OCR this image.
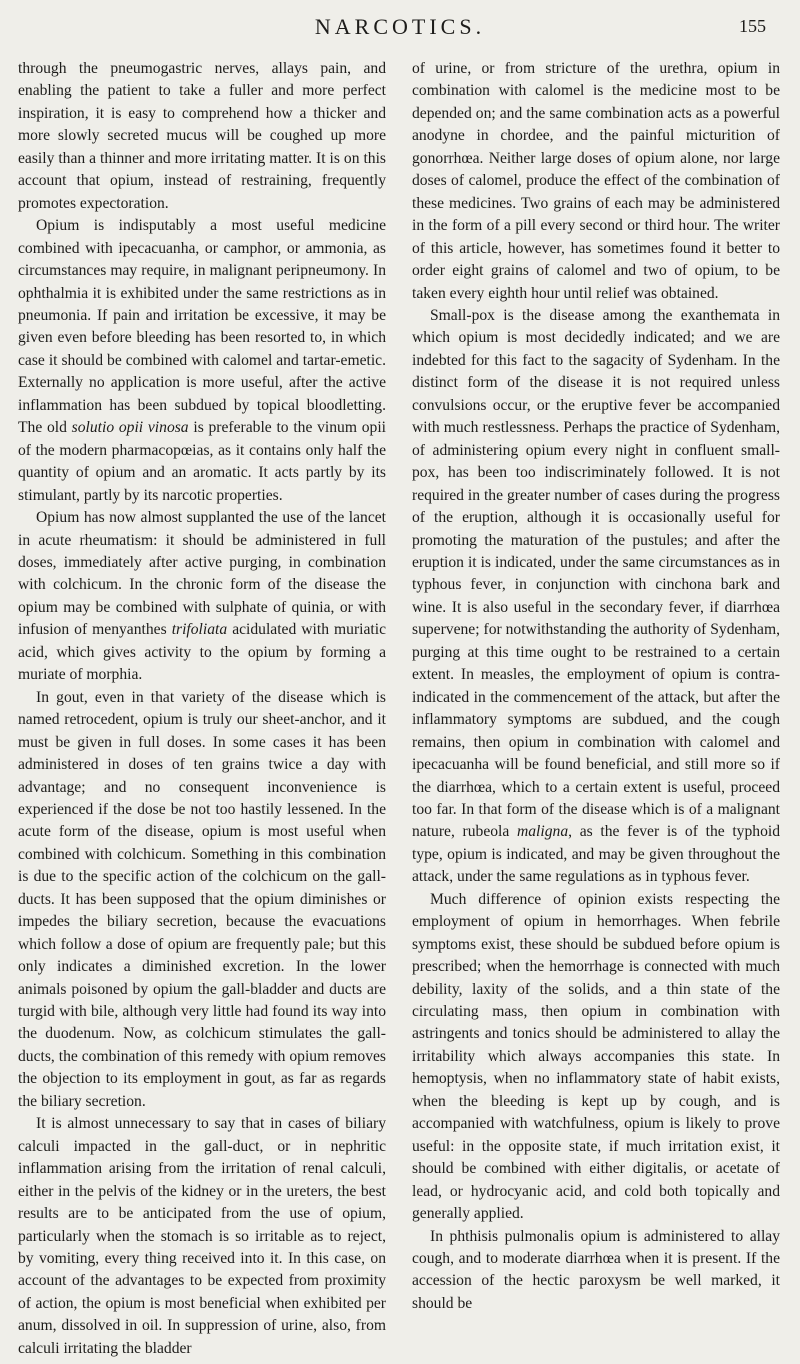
NARCOTICS.	155

through the pneumogastric nerves, allays pain, and enabling the patient to take a fuller and more perfect inspiration, it is easy to comprehend how a thicker and more slowly secreted mucus will be coughed up more easily than a thinner and more irritating matter. It is on this account that opium, instead of restraining, frequently promotes expectoration.

Opium is indisputably a most useful medicine combined with ipecacuanha, or camphor, or ammonia, as circumstances may require, in malignant peripneumony. In ophthalmia it is exhibited under the same restrictions as in pneumonia. If pain and irritation be excessive, it may be given even before bleeding has been resorted to, in which case it should be combined with calomel and tartar-emetic. Externally no application is more useful, after the active inflammation has been subdued by topical bloodletting. The old solutio opii vinosa is preferable to the vinum opii of the modern pharmacopœias, as it contains only half the quantity of opium and an aromatic. It acts partly by its stimulant, partly by its narcotic properties.

Opium has now almost supplanted the use of the lancet in acute rheumatism: it should be administered in full doses, immediately after active purging, in combination with colchicum. In the chronic form of the disease the opium may be combined with sulphate of quinia, or with infusion of menyanthes trifoliata acidulated with muriatic acid, which gives activity to the opium by forming a muriate of morphia.

In gout, even in that variety of the disease which is named retrocedent, opium is truly our sheet-anchor, and it must be given in full doses. In some cases it has been administered in doses of ten grains twice a day with advantage; and no consequent inconvenience is experienced if the dose be not too hastily lessened. In the acute form of the disease, opium is most useful when combined with colchicum. Something in this combination is due to the specific action of the colchicum on the gall-ducts. It has been supposed that the opium diminishes or impedes the biliary secretion, because the evacuations which follow a dose of opium are frequently pale; but this only indicates a diminished excretion. In the lower animals poisoned by opium the gall-bladder and ducts are turgid with bile, although very little had found its way into the duodenum. Now, as colchicum stimulates the gall-ducts, the combination of this remedy with opium removes the objection to its employment in gout, as far as regards the biliary secretion.

It is almost unnecessary to say that in cases of biliary calculi impacted in the gall-duct, or in nephritic inflammation arising from the irritation of renal calculi, either in the pelvis of the kidney or in the ureters, the best results are to be anticipated from the use of opium, particularly when the stomach is so irritable as to reject, by vomiting, every thing received into it. In this case, on account of the advantages to be expected from proximity of action, the opium is most beneficial when exhibited per anum, dissolved in oil. In suppression of urine, also, from calculi irritating the bladder

of urine, or from stricture of the urethra, opium in combination with calomel is the medicine most to be depended on; and the same combination acts as a powerful anodyne in chordee, and the painful micturition of gonorrhœa. Neither large doses of opium alone, nor large doses of calomel, produce the effect of the combination of these medicines. Two grains of each may be administered in the form of a pill every second or third hour. The writer of this article, however, has sometimes found it better to order eight grains of calomel and two of opium, to be taken every eighth hour until relief was obtained.

Small-pox is the disease among the exanthemata in which opium is most decidedly indicated; and we are indebted for this fact to the sagacity of Sydenham. In the distinct form of the disease it is not required unless convulsions occur, or the eruptive fever be accompanied with much restlessness. Perhaps the practice of Sydenham, of administering opium every night in confluent small-pox, has been too indiscriminately followed. It is not required in the greater number of cases during the progress of the eruption, although it is occasionally useful for promoting the maturation of the pustules; and after the eruption it is indicated, under the same circumstances as in typhous fever, in conjunction with cinchona bark and wine. It is also useful in the secondary fever, if diarrhœa supervene; for notwithstanding the authority of Sydenham, purging at this time ought to be restrained to a certain extent. In measles, the employment of opium is contra-indicated in the commencement of the attack, but after the inflammatory symptoms are subdued, and the cough remains, then opium in combination with calomel and ipecacuanha will be found beneficial, and still more so if the diarrhœa, which to a certain extent is useful, proceed too far. In that form of the disease which is of a malignant nature, rubeola maligna, as the fever is of the typhoid type, opium is indicated, and may be given throughout the attack, under the same regulations as in typhous fever.

Much difference of opinion exists respecting the employment of opium in hemorrhages. When febrile symptoms exist, these should be subdued before opium is prescribed; when the hemorrhage is connected with much debility, laxity of the solids, and a thin state of the circulating mass, then opium in combination with astringents and tonics should be administered to allay the irritability which always accompanies this state. In hemoptysis, when no inflammatory state of habit exists, when the bleeding is kept up by cough, and is accompanied with watchfulness, opium is likely to prove useful: in the opposite state, if much irritation exist, it should be combined with either digitalis, or acetate of lead, or hydrocyanic acid, and cold both topically and generally applied.

In phthisis pulmonalis opium is administered to allay cough, and to moderate diarrhœa when it is present. If the accession of the hectic paroxysm be well marked, it should be
